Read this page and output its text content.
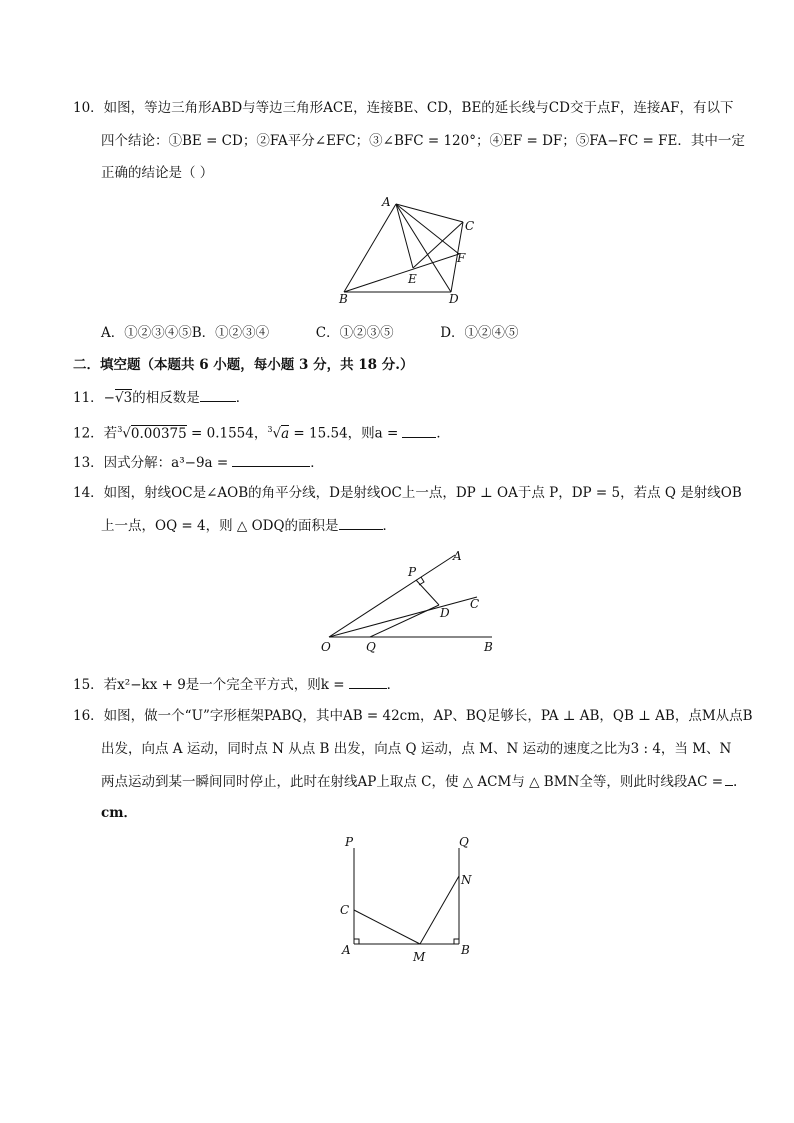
10．如图，等边三角形ABD与等边三角形ACE，连接BE、CD，BE的延长线与CD交于点F，连接AF，有以下
四个结论：①BE = CD；②FA平分∠EFC；③∠BFC = 120°；④EF = DF；⑤FA−FC = FE．其中一定
正确的结论是（ ）
A
C
F
E
B	D
P
A
C
D
O	Q	B
P	Q
N
C
A	M	B
A．①②③④⑤B．①②③④	C．①②③⑤	D．①②④⑤
二．填空题（本题共 6 小题，每小题 3 分，共 18 分.）
11．−√3的相反数是	．
12．若$^3$√0.00375 = 0.1554，$^3$√a = 15.54，则a =	．
13．因式分解：a³−9a =	．
14．如图，射线OC是∠AOB的角平分线，D是射线OC上一点，DP ⊥ OA于点 P，DP = 5，若点 Q 是射线OB
上一点，OQ = 4，则 △ ODQ的面积是	．
15．若x²−kx + 9是一个完全平方式，则k =	．
16．如图，做一个“U”字形框架PABQ，其中AB = 42cm，AP、BQ足够长，PA ⊥ AB，QB ⊥ AB，点M从点B
出发，向点 A 运动，同时点 N 从点 B 出发，向点 Q 运动，点 M、N 运动的速度之比为3 : 4，当 M、N
两点运动到某一瞬间同时停止，此时在射线AP上取点 C，使 △ ACM与 △ BMN全等，则此时线段AC = .
cm．
